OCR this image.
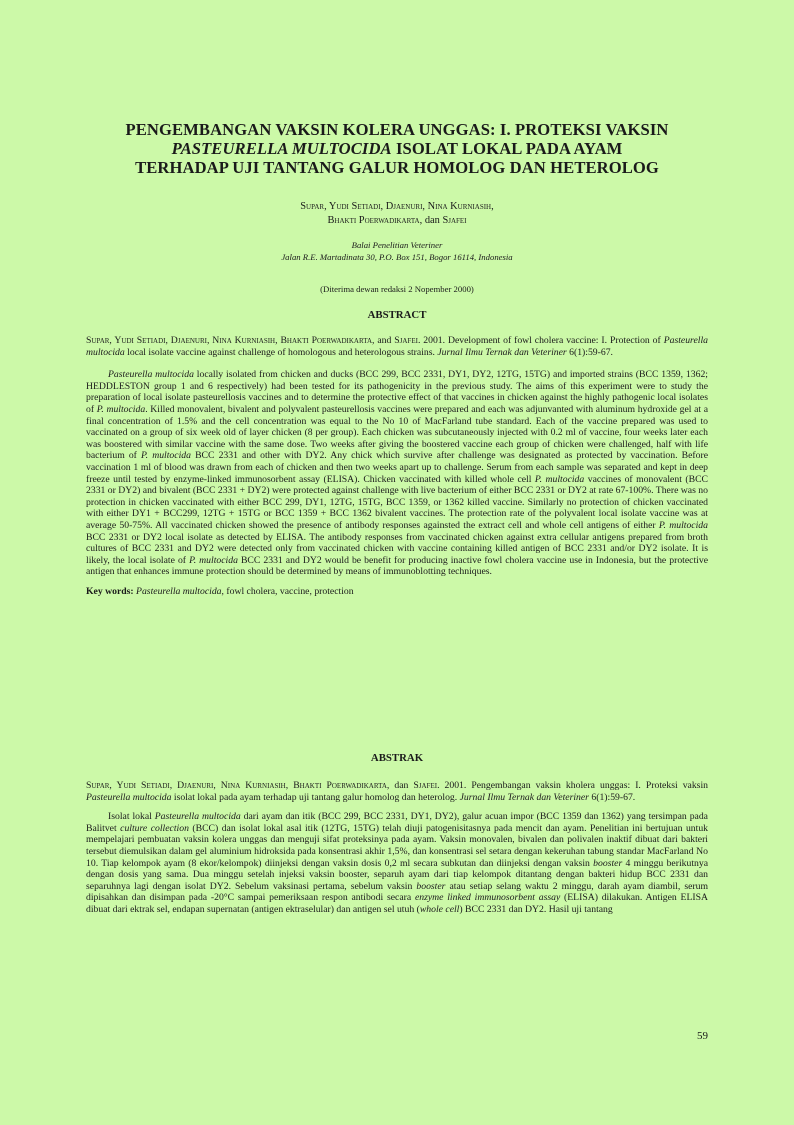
PENGEMBANGAN VAKSIN KOLERA UNGGAS: I. PROTEKSI VAKSIN
PASTEURELLA MULTOCIDA ISOLAT LOKAL PADA AYAM
TERHADAP UJI TANTANG GALUR HOMOLOG DAN HETEROLOG
Supar, Yudi Setiadi, Djaenuri, Nina Kurniasih,
Bhakti Poerwadikarta, dan Sjafei
Balai Penelitian Veteriner
Jalan R.E. Martadinata 30, P.O. Box 151, Bogor 16114, Indonesia
(Diterima dewan redaksi 2 Nopember 2000)
ABSTRACT

Supar, Yudi Setiadi, Djaenuri, Nina Kurniasih, Bhakti Poerwadikarta, and Sjafei. 2001. Development of fowl cholera vaccine: I. Protection of Pasteurella multocida local isolate vaccine against challenge of homologous and heterologous strains. Jurnal Ilmu Ternak dan Veteriner 6(1):59-67.

Pasteurella multocida locally isolated from chicken and ducks (BCC 299, BCC 2331, DY1, DY2, 12TG, 15TG) and imported strains (BCC 1359, 1362; HEDDLESTON group 1 and 6 respectively) had been tested for its pathogenicity in the previous study. The aims of this experiment were to study the preparation of local isolate pasteurellosis vaccines and to determine the protective effect of that vaccines in chicken against the highly pathogenic local isolates of P. multocida. Killed monovalent, bivalent and polyvalent pasteurellosis vaccines were prepared and each was adjunvanted with aluminum hydroxide gel at a final concentration of 1.5% and the cell concentration was equal to the No 10 of MacFarland tube standard. Each of the vaccine prepared was used to vaccinated on a group of six week old of layer chicken (8 per group). Each chicken was subcutaneously injected with 0.2 ml of vaccine, four weeks later each was boostered with similar vaccine with the same dose. Two weeks after giving the boostered vaccine each group of chicken were challenged, half with life bacterium of P. multocida BCC 2331 and other with DY2. Any chick which survive after challenge was designated as protected by vaccination. Before vaccination 1 ml of blood was drawn from each of chicken and then two weeks apart up to challenge. Serum from each sample was separated and kept in deep freeze until tested by enzyme-linked immunosorbent assay (ELISA). Chicken vaccinated with killed whole cell P. multocida vaccines of monovalent (BCC 2331 or DY2) and bivalent (BCC 2331 + DY2) were protected against challenge with live bacterium of either BCC 2331 or DY2 at rate 67-100%. There was no protection in chicken vaccinated with either BCC 299, DY1, 12TG, 15TG, BCC 1359, or 1362 killed vaccine. Similarly no protection of chicken vaccinated with either DY1 + BCC299, 12TG + 15TG or BCC 1359 + BCC 1362 bivalent vaccines. The protection rate of the polyvalent local isolate vaccine was at average 50-75%. All vaccinated chicken showed the presence of antibody responses againsted the extract cell and whole cell antigens of either P. multocida BCC 2331 or DY2 local isolate as detected by ELISA. The antibody responses from vaccinated chicken against extra cellular antigens prepared from broth cultures of BCC 2331 and DY2 were detected only from vaccinated chicken with vaccine containing killed antigen of BCC 2331 and/or DY2 isolate. It is likely, the local isolate of P. multocida BCC 2331 and DY2 would be benefit for producing inactive fowl cholera vaccine use in Indonesia, but the protective antigen that enhances immune protection should be determined by means of immunoblotting techniques.

Key words: Pasteurella multocida, fowl cholera, vaccine, protection

ABSTRAK

Supar, Yudi Setiadi, Djaenuri, Nina Kurniasih, Bhakti Poerwadikarta, dan Sjafei. 2001. Pengembangan vaksin kholera unggas: I. Proteksi vaksin Pasteurella multocida isolat lokal pada ayam terhadap uji tantang galur homolog dan heterolog. Jurnal Ilmu Ternak dan Veteriner 6(1):59-67.

Isolat lokal Pasteurella multocida dari ayam dan itik (BCC 299, BCC 2331, DY1, DY2), galur acuan impor (BCC 1359 dan 1362) yang tersimpan pada Balitvet culture collection (BCC) dan isolat lokal asal itik (12TG, 15TG) telah diuji patogenisitasnya pada mencit dan ayam. Penelitian ini bertujuan untuk mempelajari pembuatan vaksin kolera unggas dan menguji sifat proteksinya pada ayam. Vaksin monovalen, bivalen dan polivalen inaktif dibuat dari bakteri tersebut diemulsikan dalam gel aluminium hidroksida pada konsentrasi akhir 1,5%, dan konsentrasi sel setara dengan kekeruhan tabung standar MacFarland No 10. Tiap kelompok ayam (8 ekor/kelompok) diinjeksi dengan vaksin dosis 0,2 ml secara subkutan dan diinjeksi dengan vaksin booster 4 minggu berikutnya dengan dosis yang sama. Dua minggu setelah injeksi vaksin booster, separuh ayam dari tiap kelompok ditantang dengan bakteri hidup BCC 2331 dan separuhnya lagi dengan isolat DY2. Sebelum vaksinasi pertama, sebelum vaksin booster atau setiap selang waktu 2 minggu, darah ayam diambil, serum dipisahkan dan disimpan pada -20°C sampai pemeriksaan respon antibodi secara enzyme linked immunosorbent assay (ELISA) dilakukan. Antigen ELISA dibuat dari ektrak sel, endapan supernatan (antigen ektraselular) dan antigen sel utuh (whole cell) BCC 2331 dan DY2. Hasil uji tantang

59
